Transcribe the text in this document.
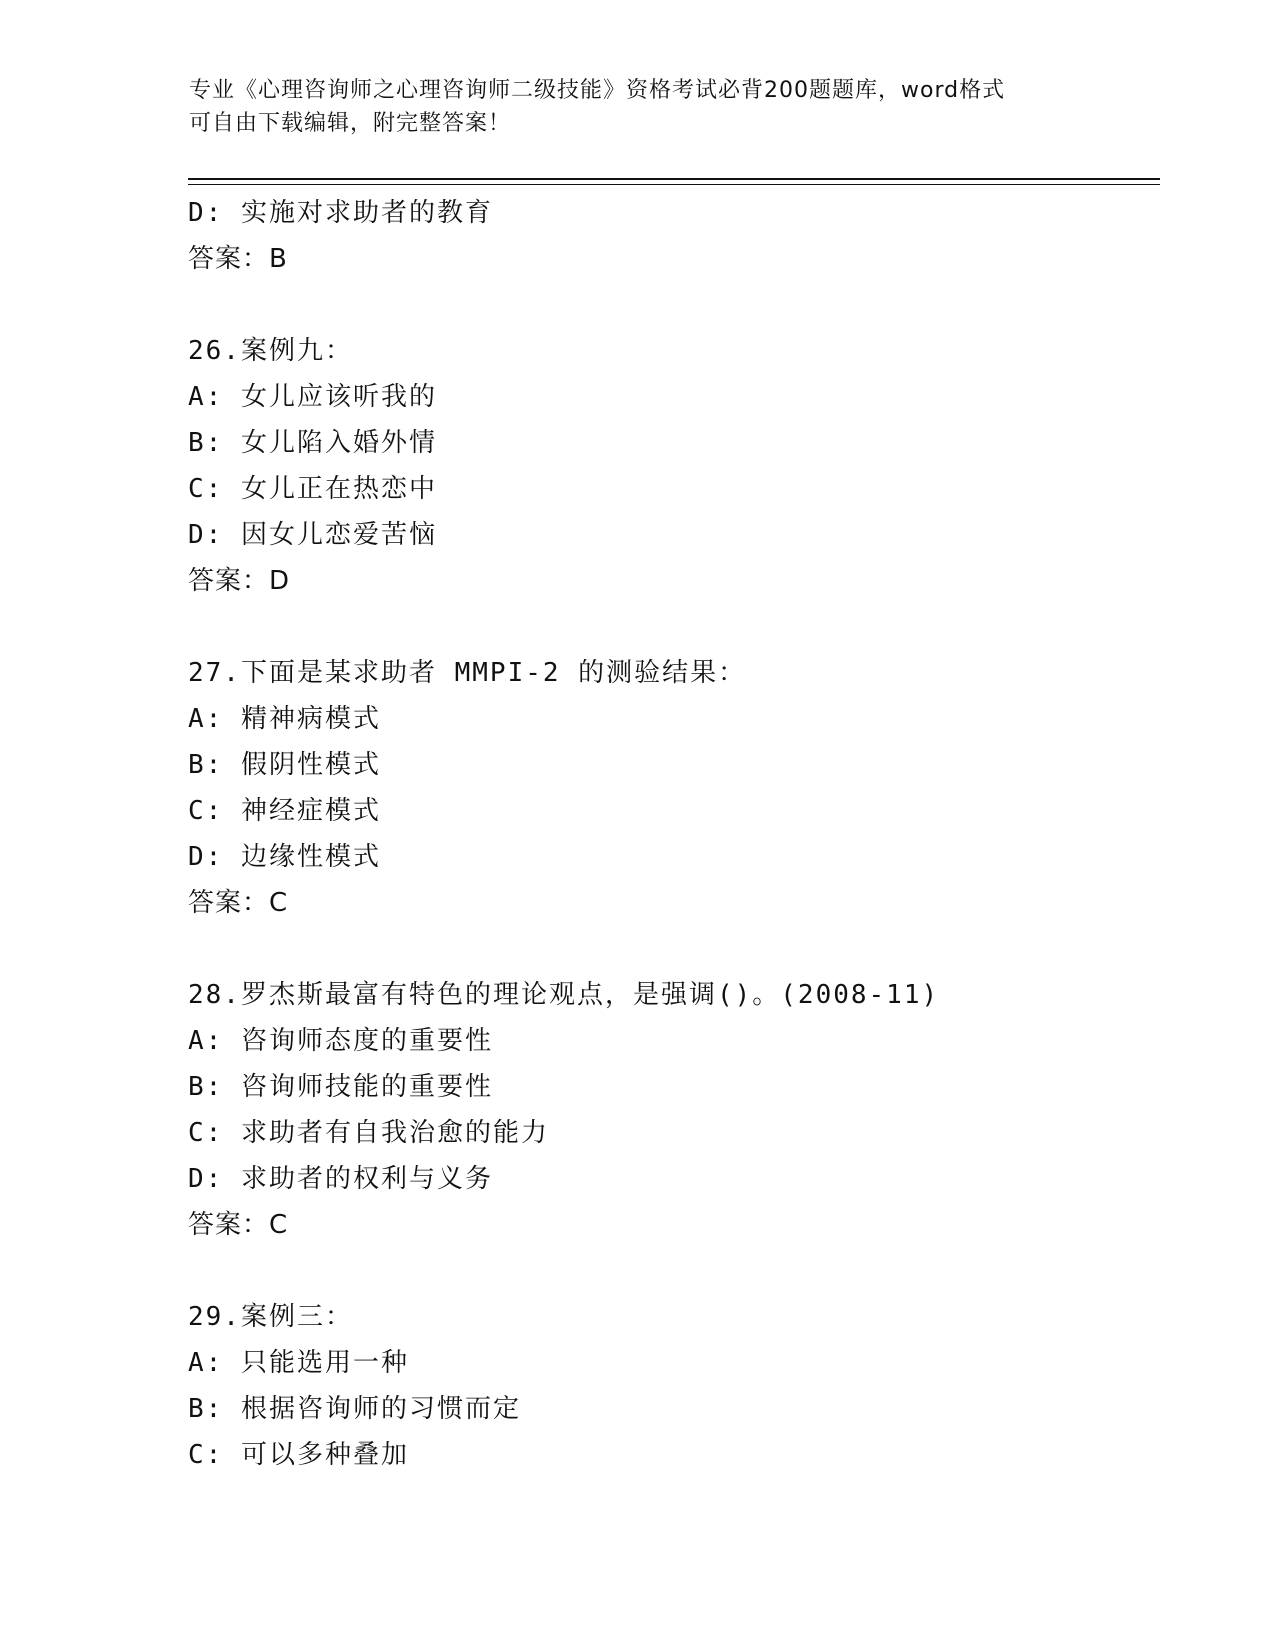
专业《心理咨询师之心理咨询师二级技能》资格考试必背200题题库，word格式
可自由下载编辑，附完整答案！
D: 实施对求助者的教育
答案：B
26.案例九：
A: 女儿应该听我的
B: 女儿陷入婚外情
C: 女儿正在热恋中
D: 因女儿恋爱苦恼
答案：D
27.下面是某求助者 MMPI-2 的测验结果：
A: 精神病模式
B: 假阴性模式
C: 神经症模式
D: 边缘性模式
答案：C
28.罗杰斯最富有特色的理论观点，是强调()。(2008-11)
A: 咨询师态度的重要性
B: 咨询师技能的重要性
C: 求助者有自我治愈的能力
D: 求助者的权利与义务
答案：C
29.案例三：
A: 只能选用一种
B: 根据咨询师的习惯而定
C: 可以多种叠加
